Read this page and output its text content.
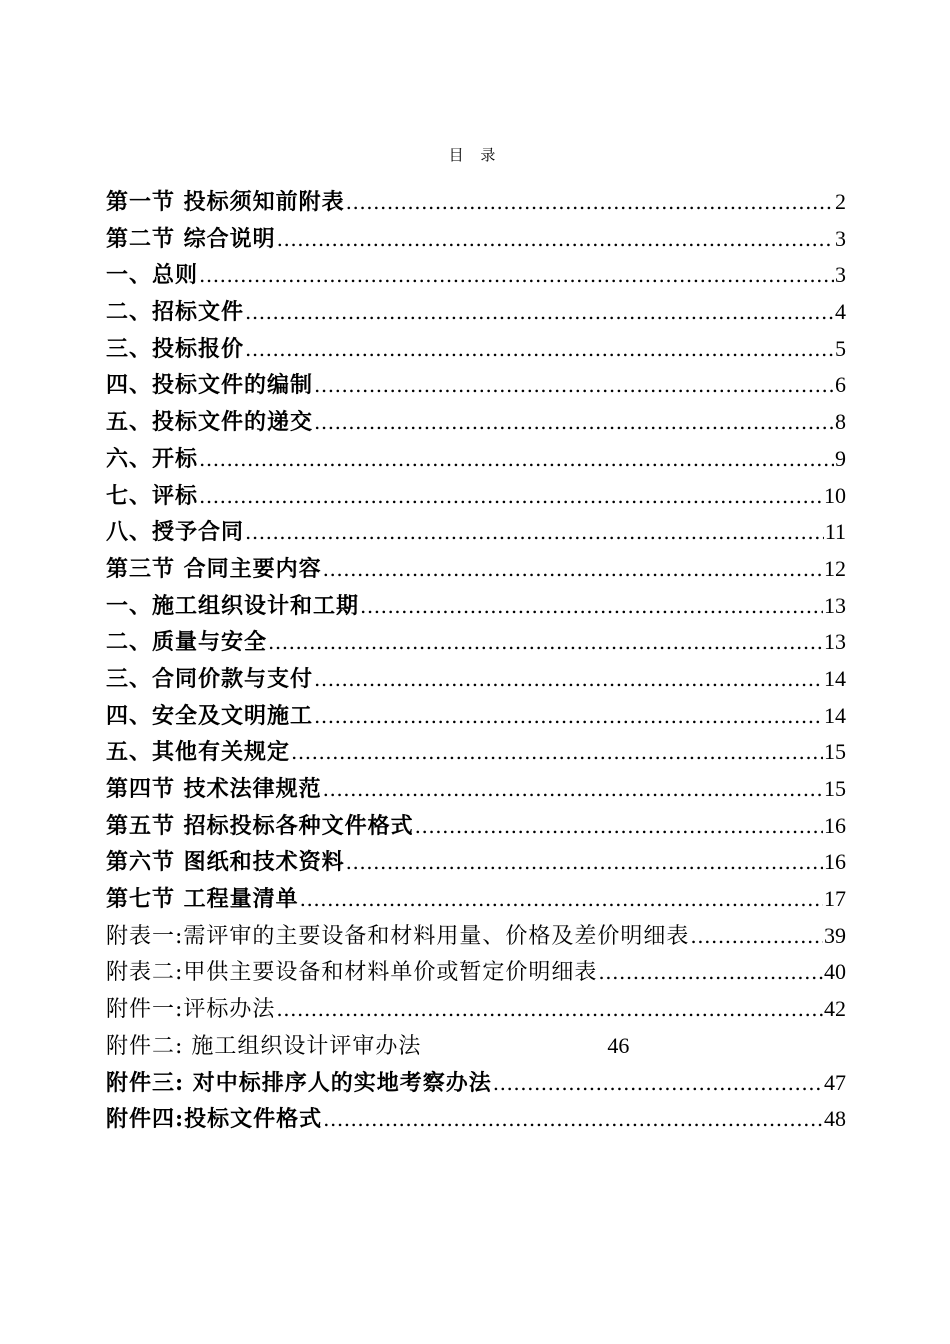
目 录
第一节 投标须知前附表 .....	2
第二节 综合说明 .....	3
一、总则 .....	3
二、招标文件 .....	4
三、投标报价 .....	5
四、投标文件的编制 .....	6
五、投标文件的递交 .....	8
六、开标 .....	9
七、评标 .....	10
八、授予合同 .....	11
第三节 合同主要内容 .....	12
一、施工组织设计和工期 .....	13
二、质量与安全 .....	13
三、合同价款与支付 .....	14
四、安全及文明施工 .....	14
五、其他有关规定 .....	15
第四节 技术法律规范 .....	15
第五节 招标投标各种文件格式 .....	16
第六节 图纸和技术资料 .....	16
第七节 工程量清单 .....	17
附表一:需评审的主要设备和材料用量、价格及差价明细表 .....	39
附表二:甲供主要设备和材料单价或暂定价明细表 .....	40
附件一:评标办法 .....	42
附件二: 施工组织设计评审办法	46
附件三: 对中标排序人的实地考察办法 .....	47
附件四:投标文件格式 .....	48
